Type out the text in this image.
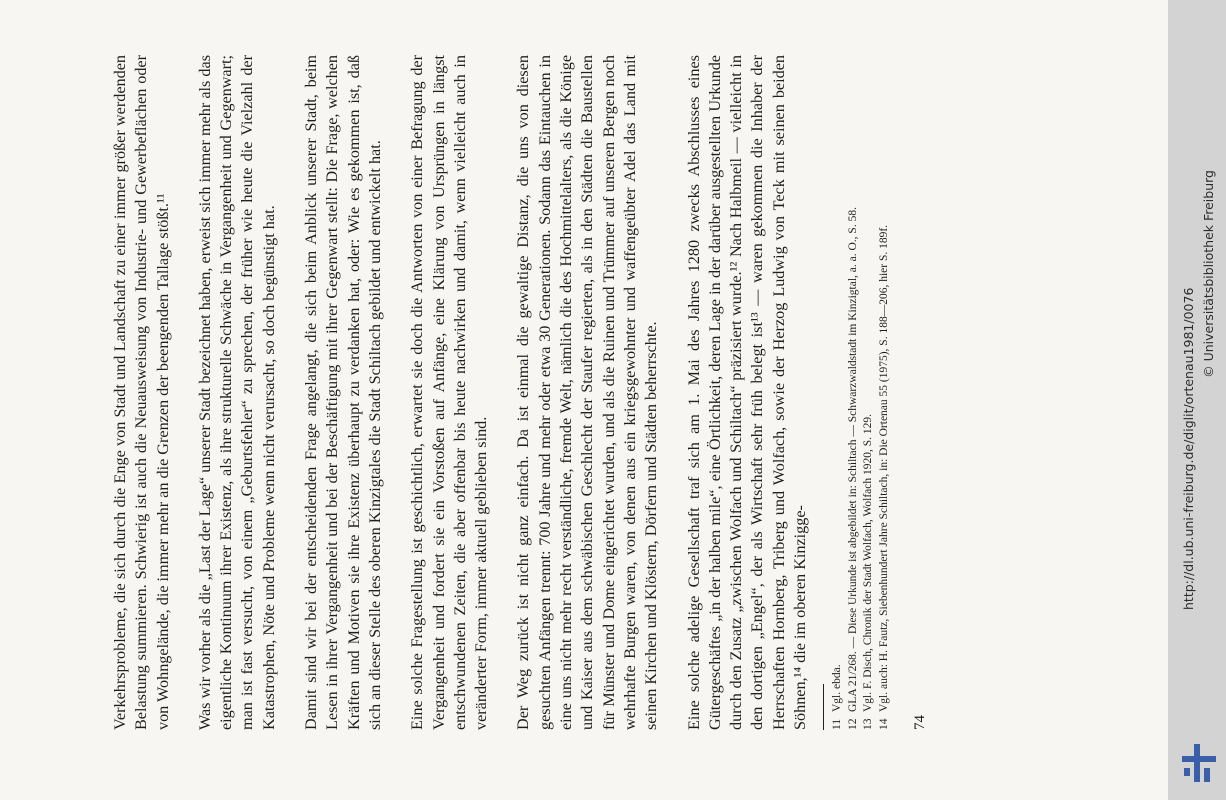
Verkehrsprobleme, die sich durch die Enge von Stadt und Landschaft zu einer immer größer werdenden Belastung summieren. Schwierig ist auch die Neuausweisung von Industrie- und Gewerbeflächen oder von Wohngelände, die immer mehr an die Grenzen der beengenden Tallage stößt.¹¹ Was wir vorher als die „Last der Lage“ unserer Stadt bezeichnet haben, erweist sich immer mehr als das eigentliche Kontinuum ihrer Existenz, als ihre strukturelle Schwäche in Vergangenheit und Gegenwart; man ist fast versucht, von einem „Geburtsfehler“ zu sprechen, der früher wie heute die Vielzahl der Katastrophen, Nöte und Probleme wenn nicht verursacht, so doch begünstigt hat. Damit sind wir bei der entscheidenden Frage angelangt, die sich beim Anblick unserer Stadt, beim Lesen in ihrer Vergangenheit und bei der Beschäftigung mit ihrer Gegenwart stellt: Die Frage, welchen Kräften und Motiven sie ihre Existenz überhaupt zu verdanken hat, oder: Wie es gekommen ist, daß sich an dieser Stelle des oberen Kinzigtales die Stadt Schiltach gebildet und entwickelt hat. Eine solche Fragestellung ist geschichtlich, erwartet sie doch die Antworten von einer Befragung der Vergangenheit und fordert sie ein Vorstoßen auf Anfänge, eine Klärung von Ursprüngen in längst entschwundenen Zeiten, die aber offenbar bis heute nachwirken und damit, wenn vielleicht auch in veränderter Form, immer aktuell geblieben sind. Der Weg zurück ist nicht ganz einfach. Da ist einmal die gewaltige Distanz, die uns von diesen gesuchten Anfängen trennt: 700 Jahre und mehr oder etwa 30 Generationen. Sodann das Eintauchen in eine uns nicht mehr recht verständliche, fremde Welt, nämlich die des Hochmittelalters, als die Könige und Kaiser aus dem schwäbischen Geschlecht der Staufer regierten, als in den Städten die Baustellen für Münster und Dome eingerichtet wurden, und als die Ruinen und Trümmer auf unseren Bergen noch wehrhafte Burgen waren, von denen aus ein kriegsgewohnter und waffengeübter Adel das Land mit seinen Kirchen und Klöstern, Dörfern und Städten beherrschte. Eine solche adelige Gesellschaft traf sich am 1. Mai des Jahres 1280 zwecks Abschlusses eines Gütergeschäftes „in der halben mile“, eine Örtlichkeit, deren Lage in der darüber ausgestellten Urkunde durch den Zusatz „zwischen Wolfach und Schiltach“ präzisiert wurde.¹² Nach Halbmeil — vielleicht in den dortigen „Engel“, der als Wirtschaft sehr früh belegt ist¹³ — waren gekommen die Inhaber der Herrschaften Hornberg, Triberg und Wolfach, sowie der Herzog Ludwig von Teck mit seinen beiden Söhnen,¹⁴ die im oberen Kinzigge- 11
Vgl. ebda.
12
GLA 21/268. — Diese Urkunde ist abgebildet in: Schiltach — Schwarzwaldstadt im Kinzigtal, a. a. O., S. 58.
13
Vgl. F. Disch, Chronik der Stadt Wolfach, Wolfach 1920, S. 129.
14
Vgl. auch: H. Fautz, Siebenhundert Jahre Schiltach, in: Die Ortenau 55 (1975), S. 188—206, hier S. 189f.
74
http://dl.ub.uni-freiburg.de/diglit/ortenau1981/0076
© Universitätsbibliothek Freiburg
